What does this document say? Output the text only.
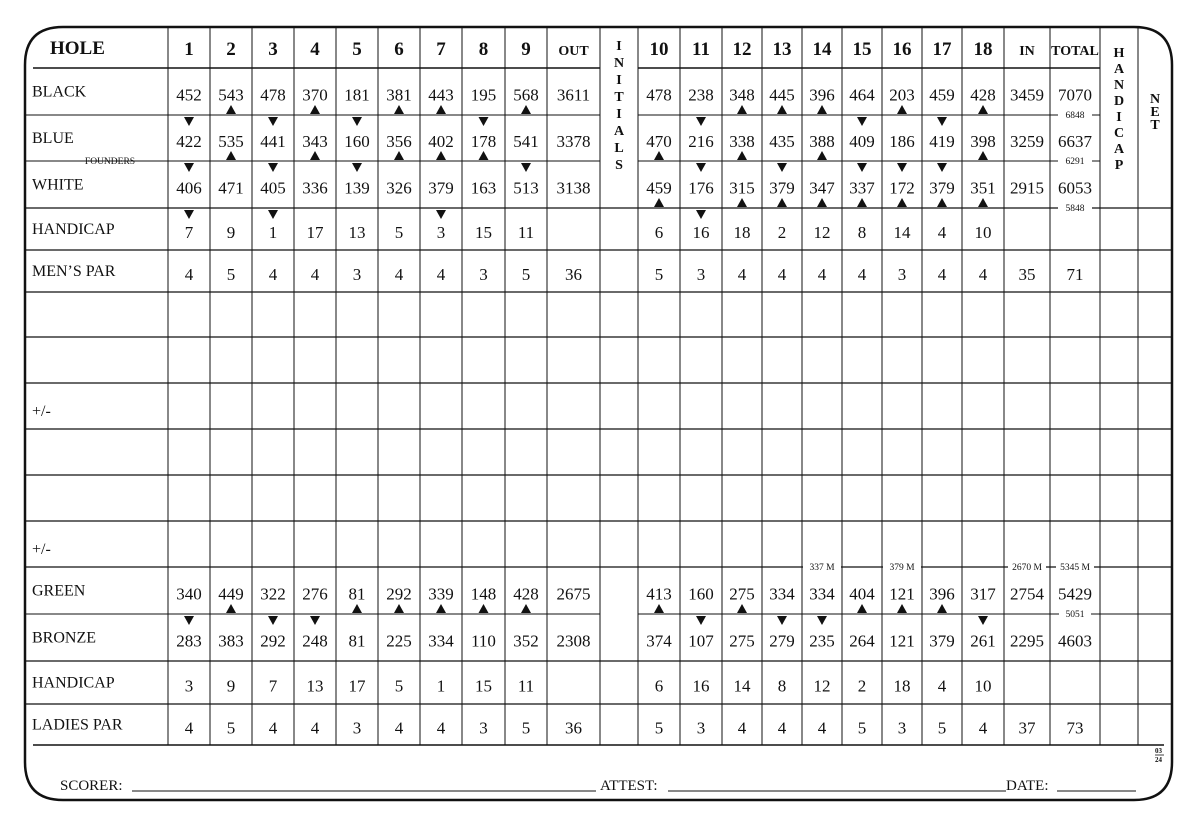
HOLE	1 2 3 4 5 6 7 8 9 OUT	10 11 12 13 14 15 16 17 18 IN TOTAL
I
N
I
T
I
A
L
S
H
A
N
D
I
C
A
P
N
E
T
BLACK	452 543 478 370 181 381 443 195 568 3611	478 238 348 445 396 464 203 459 428 3459 7070
BLUE	422 535 441 343 160 356 402 178 541 3378	470 216 338 435 388 409 186 419 398 3259 6637
WHITE	406 471 405 336 139 326 379 163 513 3138	459 176 315 379 347 337 172 379 351 2915 6053
HANDICAP	7 9 1 17 13 5 3 15 11	6 16 18 2 12 8 14 4 10
MEN’S PAR	4 5 4 4 3 4 4 3 5 36	5 3 4 4 4 4 3 4 4 35 71
FOUNDERS
6848
6291
5848
+/-
+/-
GREEN	340 449 322 276 81 292 339 148 428 2675	413 160 275 334 334 404 121 396 317 2754 5429
BRONZE	283 383 292 248 81 225 334 110 352 2308	374 107 275 279 235 264 121 379 261 2295 4603
HANDICAP	3 9 7 13 17 5 1 15 11	6 16 14 8 12 2 18 4 10
LADIES PAR	4 5 4 4 3 4 4 3 5 36	5 3 4 4 4 5 3 5 4 37 73
337 M	379 M	2670 M 5345 M
5051
SCORER:	ATTEST:	DATE:
03
24
